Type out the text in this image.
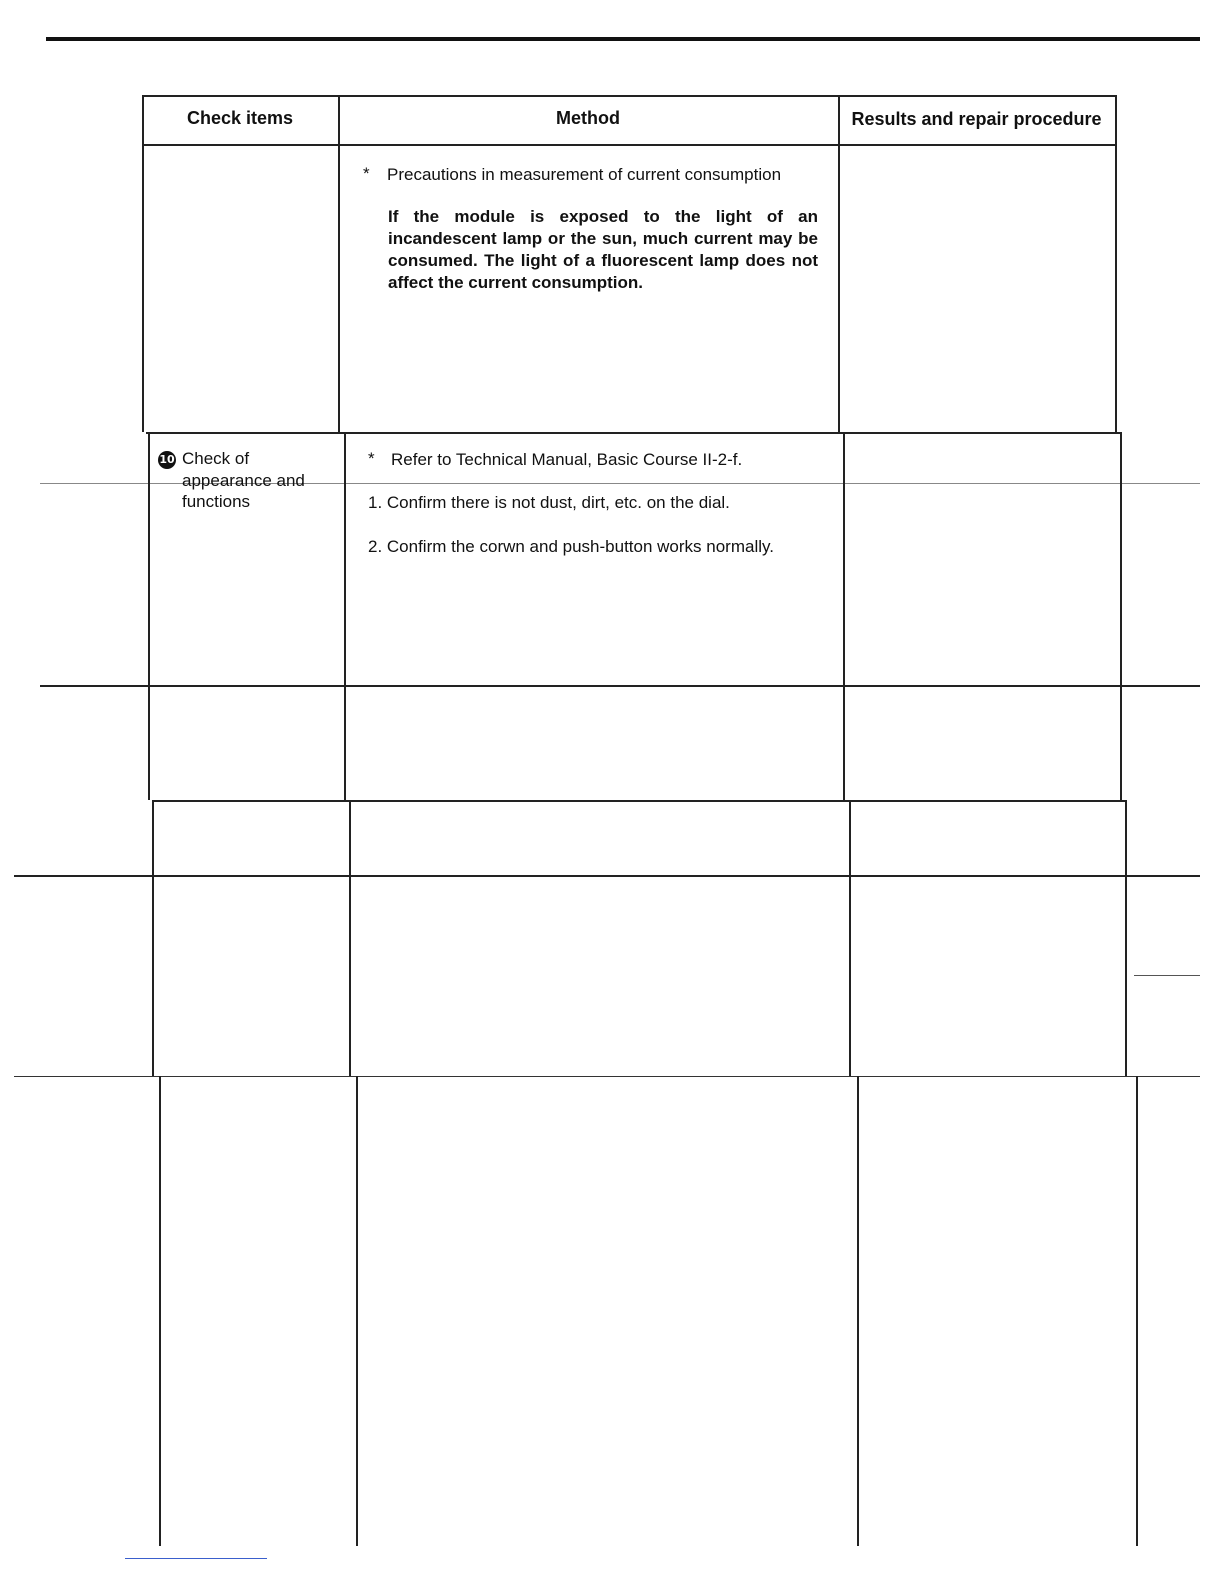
Check items	Method	Results and repair procedure
* Precautions in measurement of current consumption
If the module is exposed to the light of an incandescent lamp or the sun, much current may be consumed. The light of a fluorescent lamp does not affect the current consumption.
10 Check of
appearance and
functions
* Refer to Technical Manual, Basic Course II-2-f.
1. Confirm there is not dust, dirt, etc. on the dial.
2. Confirm the corwn and push-button works normally.
